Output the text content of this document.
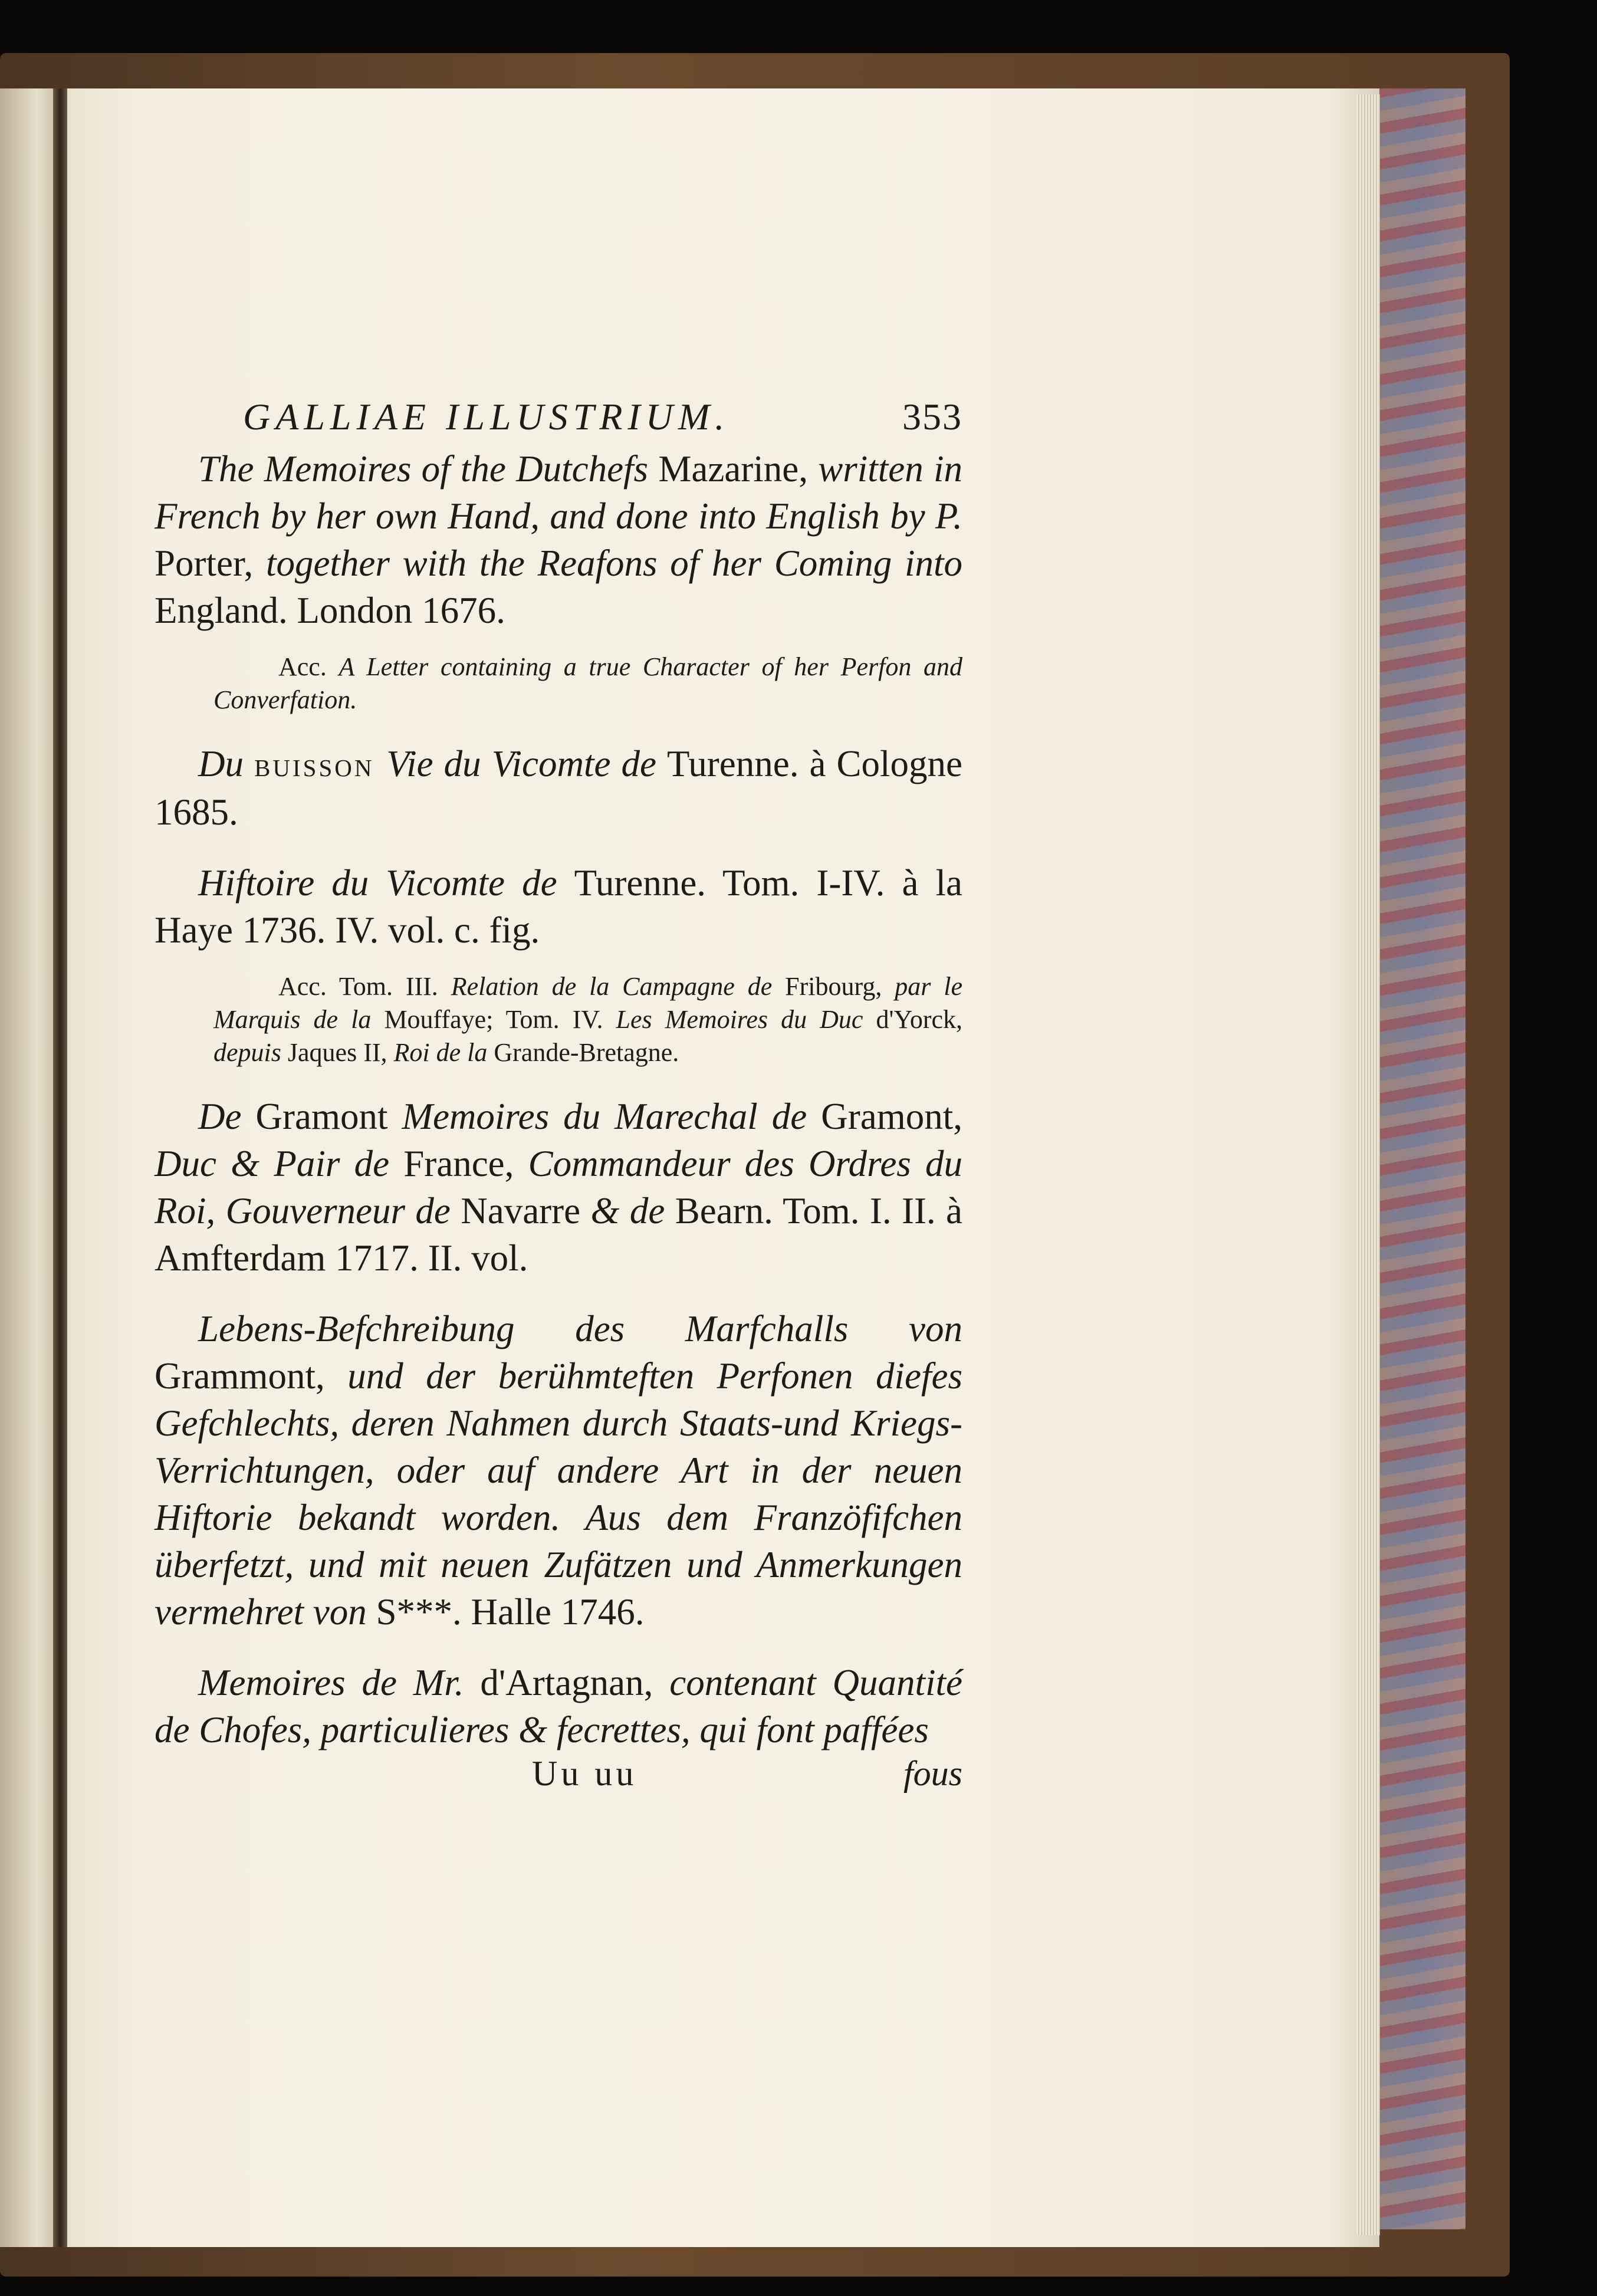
GALLIAE ILLUSTRIUM.	353

The Memoires of the Dutchefs Mazarine, written in French by her own Hand, and done into English by P. Porter, together with the Reafons of her Coming into England. London 1676.

Acc. A Letter containing a true Character of her Perfon and Converfation.

Du buisson Vie du Vicomte de Turenne. à Cologne 1685.

Hiftoire du Vicomte de Turenne. Tom. I-IV. à la Haye 1736. IV. vol. c. fig.

Acc. Tom. III. Relation de la Campagne de Fribourg, par le Marquis de la Mouffaye; Tom. IV. Les Memoires du Duc d'Yorck, depuis Jaques II, Roi de la Grande-Bretagne.

De Gramont Memoires du Marechal de Gramont, Duc & Pair de France, Commandeur des Ordres du Roi, Gouverneur de Navarre & de Bearn. Tom. I. II. à Amfterdam 1717. II. vol.

Lebens-Befchreibung des Marfchalls von Grammont, und der berühmteften Perfonen diefes Gefchlechts, deren Nahmen durch Staats-und Kriegs-Verrichtungen, oder auf andere Art in der neuen Hiftorie bekandt worden. Aus dem Franzöfifchen überfetzt, und mit neuen Zufätzen und Anmerkungen vermehret von S***. Halle 1746.

Memoires de Mr. d'Artagnan, contenant Quantité de Chofes, particulieres & fecrettes, qui font paffées

Uu uu	fous
